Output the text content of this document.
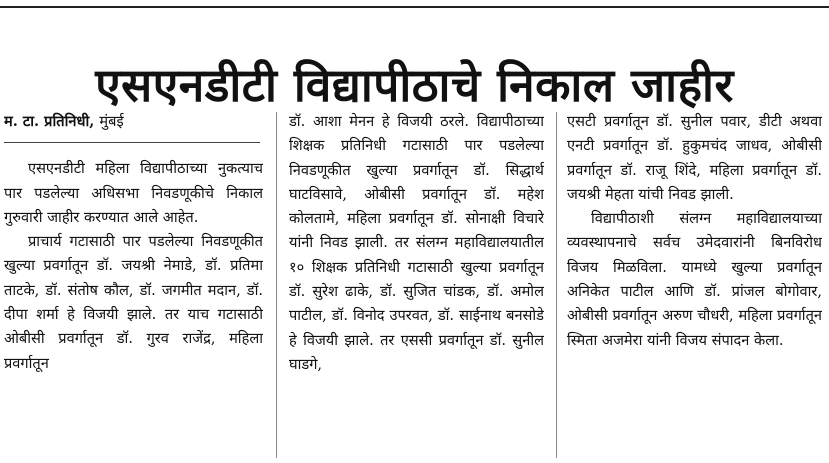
एसएनडीटी विद्यापीठाचे निकाल जाहीर

म. टा. प्रतिनिधी, मुंबई

एसएनडीटी महिला विद्यापीठाच्या नुकत्याच पार पडलेल्या अधिसभा निवडणूकीचे निकाल गुरुवारी जाहीर करण्यात आले आहेत.

प्राचार्य गटासाठी पार पडलेल्या निवडणूकीत खुल्या प्रवर्गातून डॉ. जयश्री नेमाडे, डॉ. प्रतिमा ताटके, डॉ. संतोष कौल, डॉ. जगमीत मदान, डॉ. दीपा शर्मा हे विजयी झाले. तर याच गटासाठी ओबीसी प्रवर्गातून डॉ. गुरव राजेंद्र, महिला प्रवर्गातून

डॉ. आशा मेनन हे विजयी ठरले. विद्यापीठाच्या शिक्षक प्रतिनिधी गटासाठी पार पडलेल्या निवडणूकीत खुल्या प्रवर्गातून डॉ. सिद्धार्थ घाटविसावे, ओबीसी प्रवर्गातून डॉ. महेश कोलतामे, महिला प्रवर्गातून डॉ. सोनाक्षी विचारे यांनी निवड झाली. तर संलग्न महाविद्यालयातील १० शिक्षक प्रतिनिधी गटासाठी खुल्या प्रवर्गातून डॉ. सुरेश ढाके, डॉ. सुजित चांडक, डॉ. अमोल पाटील, डॉ. विनोद उपरवत, डॉ. साईनाथ बनसोडे हे विजयी झाले. तर एससी प्रवर्गातून डॉ. सुनील घाडगे,

एसटी प्रवर्गातून डॉ. सुनील पवार, डीटी अथवा एनटी प्रवर्गातून डॉ. हुकुमचंद जाधव, ओबीसी प्रवर्गातून डॉ. राजू शिंदे, महिला प्रवर्गातून डॉ. जयश्री मेहता यांची निवड झाली.

विद्यापीठाशी संलग्न महाविद्यालयाच्या व्यवस्थापनाचे सर्वच उमेदवारांनी बिनविरोध विजय मिळविला. यामध्ये खुल्या प्रवर्गातून अनिकेत पाटील आणि डॉ. प्रांजल बोगोवार, ओबीसी प्रवर्गातून अरुण चौधरी, महिला प्रवर्गातून स्मिता अजमेरा यांनी विजय संपादन केला.
